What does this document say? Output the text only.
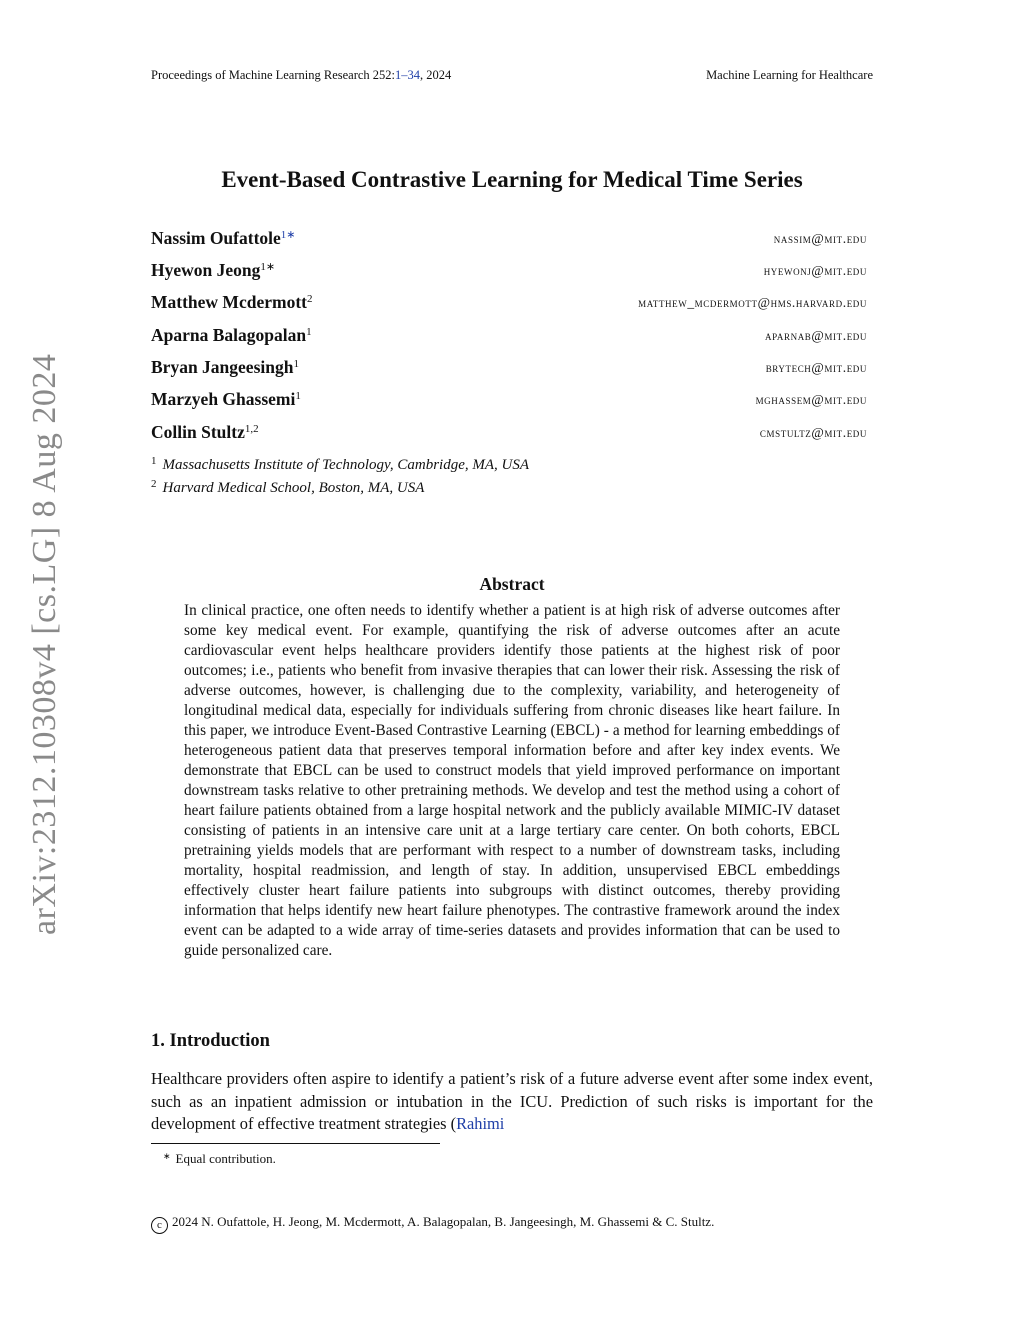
Proceedings of Machine Learning Research 252:1–34, 2024	Machine Learning for Healthcare
arXiv:2312.10308v4 [cs.LG] 8 Aug 2024
Event-Based Contrastive Learning for Medical Time Series
Nassim Oufattole$^{1∗}$	nassim@mit.edu
Hyewon Jeong$^{1∗}$	hyewonj@mit.edu
Matthew Mcdermott$^2$	matthew_mcdermott@hms.harvard.edu
Aparna Balagopalan$^1$	aparnab@mit.edu
Bryan Jangeesingh$^1$	brytech@mit.edu
Marzyeh Ghassemi$^1$	mghassem@mit.edu
Collin Stultz$^{1,2}$	cmstultz@mit.edu
$^1$ Massachusetts Institute of Technology, Cambridge, MA, USA
$^2$ Harvard Medical School, Boston, MA, USA
Abstract
In clinical practice, one often needs to identify whether a patient is at high risk of adverse outcomes after some key medical event. For example, quantifying the risk of adverse outcomes after an acute cardiovascular event helps healthcare providers identify those patients at the highest risk of poor outcomes; i.e., patients who benefit from invasive therapies that can lower their risk. Assessing the risk of adverse outcomes, however, is challenging due to the complexity, variability, and heterogeneity of longitudinal medical data, especially for individuals suffering from chronic diseases like heart failure. In this paper, we introduce Event-Based Contrastive Learning (EBCL) - a method for learning embeddings of heterogeneous patient data that preserves temporal information before and after key index events. We demonstrate that EBCL can be used to construct models that yield improved performance on important downstream tasks relative to other pretraining methods. We develop and test the method using a cohort of heart failure patients obtained from a large hospital network and the publicly available MIMIC-IV dataset consisting of patients in an intensive care unit at a large tertiary care center. On both cohorts, EBCL pretraining yields models that are performant with respect to a number of downstream tasks, including mortality, hospital readmission, and length of stay. In addition, unsupervised EBCL embeddings effectively cluster heart failure patients into subgroups with distinct outcomes, thereby providing information that helps identify new heart failure phenotypes. The contrastive framework around the index event can be adapted to a wide array of time-series datasets and provides information that can be used to guide personalized care.
1. Introduction
Healthcare providers often aspire to identify a patient’s risk of a future adverse event after some index event, such as an inpatient admission or intubation in the ICU. Prediction of such risks is important for the development of effective treatment strategies (Rahimi
∗ Equal contribution.
c 2024 N. Oufattole, H. Jeong, M. Mcdermott, A. Balagopalan, B. Jangeesingh, M. Ghassemi & C. Stultz.
